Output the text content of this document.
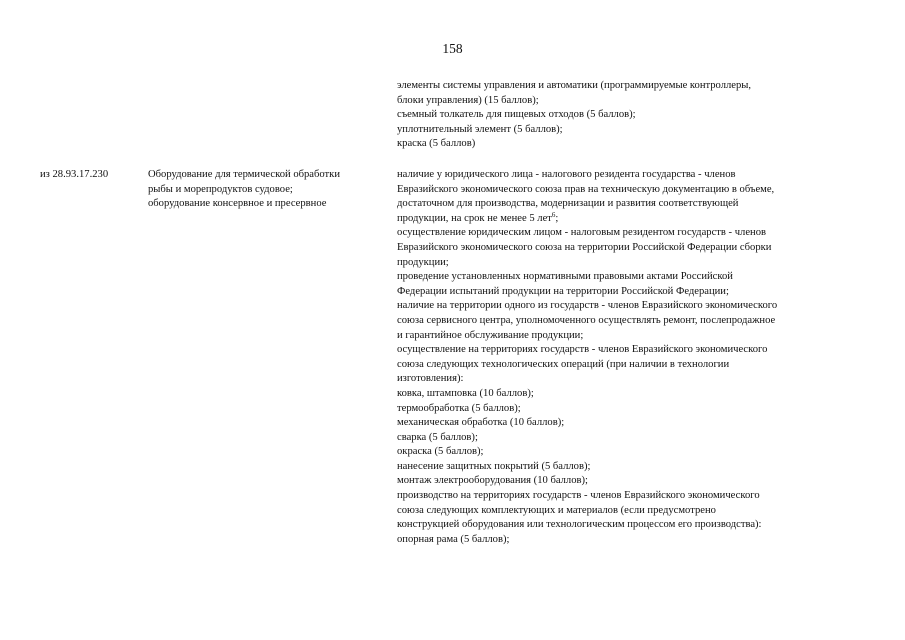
158
элементы системы управления и автоматики (программируемые контроллеры,
блоки управления) (15 баллов);
съемный толкатель для пищевых отходов (5 баллов);
уплотнительный элемент (5 баллов);
краска (5 баллов)
из 28.93.17.230	Оборудование для термической обработки
рыбы и морепродуктов судовое;
оборудование консервное и пресервное
наличие у юридического лица - налогового резидента государства - членов
Евразийского экономического союза прав на техническую документацию в объеме,
достаточном для производства, модернизации и развития соответствующей
продукции, на срок не менее 5 лет$^6$;
осуществление юридическим лицом - налоговым резидентом государств - членов
Евразийского экономического союза на территории Российской Федерации сборки
продукции;
проведение установленных нормативными правовыми актами Российской
Федерации испытаний продукции на территории Российской Федерации;
наличие на территории одного из государств - членов Евразийского экономического
союза сервисного центра, уполномоченного осуществлять ремонт, послепродажное
и гарантийное обслуживание продукции;
осуществление на территориях государств - членов Евразийского экономического
союза следующих технологических операций (при наличии в технологии
изготовления):
ковка, штамповка (10 баллов);
термообработка (5 баллов);
механическая обработка (10 баллов);
сварка (5 баллов);
окраска (5 баллов);
нанесение защитных покрытий (5 баллов);
монтаж электрооборудования (10 баллов);
производство на территориях государств - членов Евразийского экономического
союза следующих комплектующих и материалов (если предусмотрено
конструкцией оборудования или технологическим процессом его производства):
опорная рама (5 баллов);
